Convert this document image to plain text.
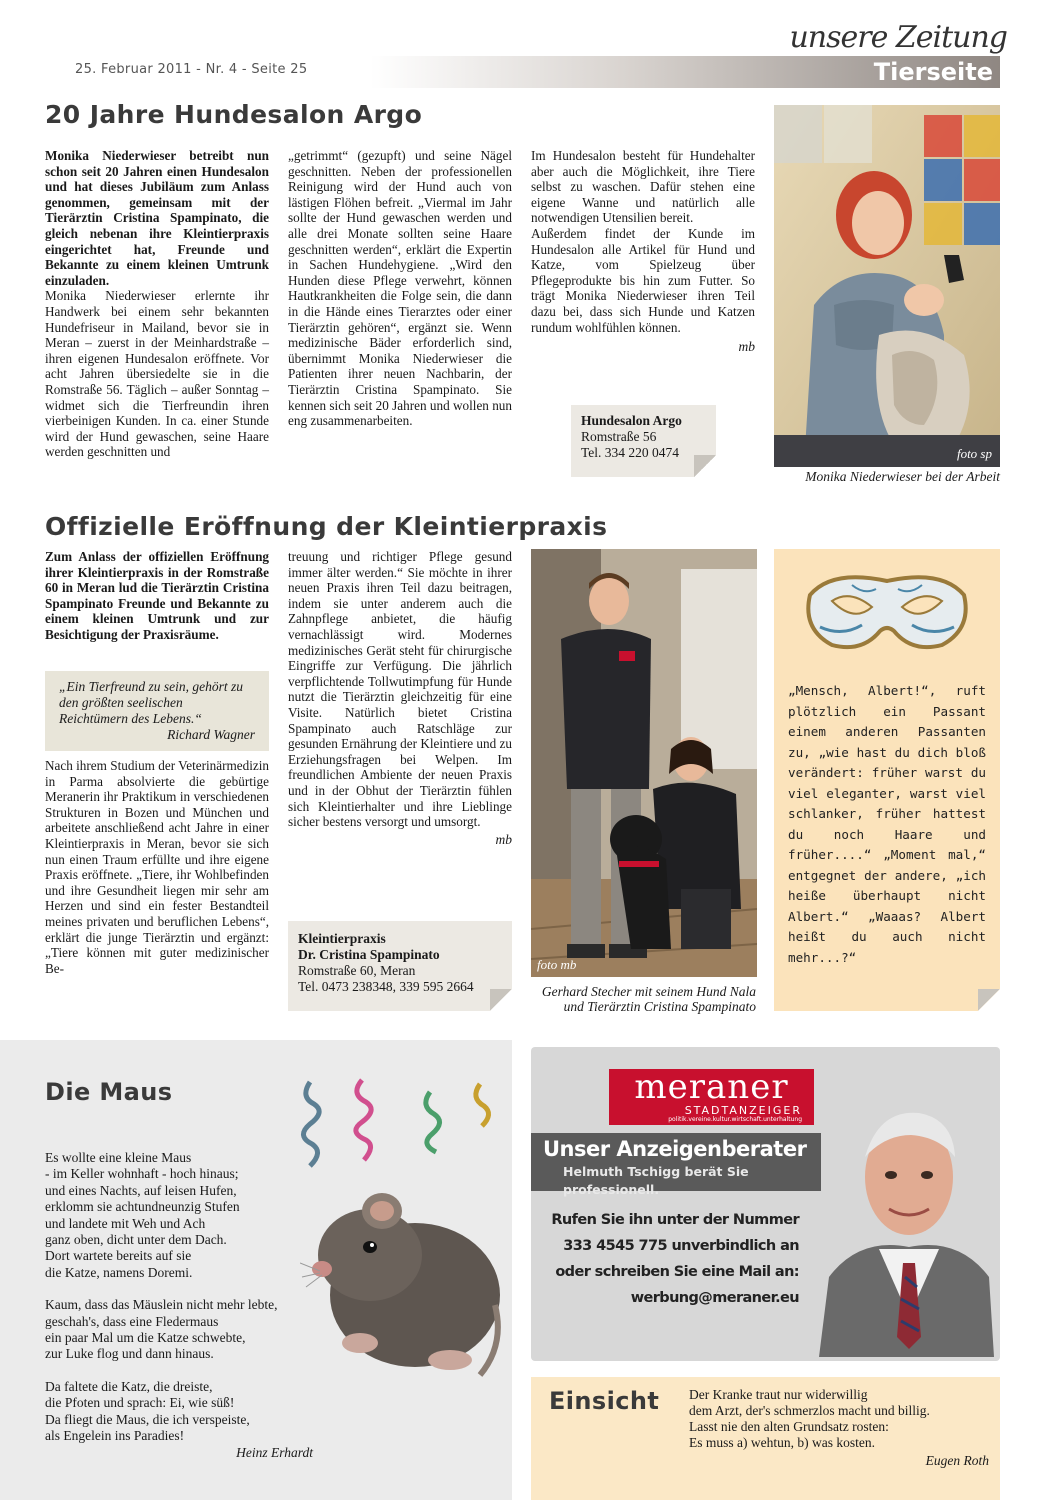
25. Februar 2011 - Nr. 4 - Seite 25
unsere Zeitung
Tierseite
20 Jahre Hundesalon Argo

Monika Niederwieser betreibt nun schon seit 20 Jahren einen Hundesalon und hat dieses Jubiläum zum Anlass genommen, gemeinsam mit der Tierärztin Cristina Spampinato, die gleich nebenan ihre Kleintierpraxis eingerichtet hat, Freunde und Bekannte zu einem kleinen Umtrunk einzuladen.

Monika Niederwieser erlernte ihr Handwerk bei einem sehr bekannten Hundefriseur in Mailand, bevor sie in Meran – zuerst in der Meinhardstraße – ihren eigenen Hundesalon eröffnete. Vor acht Jahren übersiedelte sie in die Romstraße 56. Täglich – außer Sonntag – widmet sich die Tierfreundin ihren vierbeinigen Kunden. In ca. einer Stunde wird der Hund gewaschen, seine Haare werden geschnitten und

„getrimmt“ (gezupft) und seine Nägel geschnitten. Neben der professionellen Reinigung wird der Hund auch von lästigen Flöhen befreit. „Viermal im Jahr sollte der Hund gewaschen werden und alle drei Monate sollten seine Haare geschnitten werden“, erklärt die Expertin in Sachen Hundehygiene. „Wird den Hunden diese Pflege verwehrt, können Hautkrankheiten die Folge sein, die dann in die Hände eines Tierarztes oder einer Tierärztin gehören“, ergänzt sie. Wenn medizinische Bäder erforderlich sind, übernimmt Monika Niederwieser die Patienten ihrer neuen Nachbarin, der Tierärztin Cristina Spampinato. Sie kennen sich seit 20 Jahren und wollen nun eng zusammenarbeiten.

Im Hundesalon besteht für Hundehalter aber auch die Möglichkeit, ihre Tiere selbst zu waschen. Dafür stehen eine eigene Wanne und natürlich alle notwendigen Utensilien bereit.

Außerdem findet der Kunde im Hundesalon alle Artikel für Hund und Katze, vom Spielzeug über Pflegeprodukte bis hin zum Futter. So trägt Monika Niederwieser ihren Teil dazu bei, dass sich Hunde und Katzen rundum wohlfühlen können.

mb

Hundesalon Argo
Romstraße 56
Tel. 334 220 0474	foto sp
Monika Niederwieser bei der Arbeit
Offizielle Eröffnung der Kleintierpraxis

Zum Anlass der offiziellen Eröffnung ihrer Kleintierpraxis in der Romstraße 60 in Meran lud die Tierärztin Cristina Spampinato Freunde und Bekannte zu einem kleinen Umtrunk und zur Besichtigung der Praxisräume.

„Ein Tierfreund zu sein, gehört zu den größten seelischen Reichtümern des Lebens.“
Richard Wagner

Nach ihrem Studium der Veterinärmedizin in Parma absolvierte die gebürtige Meranerin ihr Praktikum in verschiedenen Strukturen in Bozen und München und arbeitete anschließend acht Jahre in einer Kleintierpraxis in Meran, bevor sie sich nun einen Traum erfüllte und ihre eigene Praxis eröffnete. „Tiere, ihr Wohlbefinden und ihre Gesundheit liegen mir sehr am Herzen und sind ein fester Bestandteil meines privaten und beruflichen Lebens“, erklärt die junge Tierärztin und ergänzt: „Tiere können mit guter medizinischer Be-

treuung und richtiger Pflege gesund immer älter werden.“ Sie möchte in ihrer neuen Praxis ihren Teil dazu beitragen, indem sie unter anderem auch die Zahnpflege anbietet, die häufig vernachlässigt wird. Modernes medizinisches Gerät steht für chirurgische Eingriffe zur Verfügung. Die jährlich verpflichtende Tollwutimpfung für Hunde nutzt die Tierärztin gleichzeitig für eine Visite. Natürlich bietet Cristina Spampinato auch Ratschläge zur gesunden Ernährung der Kleintiere und zu Erziehungsfragen bei Welpen. Im freundlichen Ambiente der neuen Praxis und in der Obhut der Tierärztin fühlen sich Kleintierhalter und ihre Lieblinge sicher bestens versorgt und umsorgt.

mb

Kleintierpraxis
Dr. Cristina Spampinato
Romstraße 60, Meran
Tel. 0473 238348, 339 595 2664
foto mb
Gerhard Stecher mit seinem Hund Nala
und Tierärztin Cristina Spampinato
„Mensch, Albert!“, ruft plötzlich ein Passant einem anderen Passanten zu, „wie hast du dich bloß verändert: früher warst du viel eleganter, warst viel schlanker, früher hattest du noch Haare und früher....“ „Moment mal,“ entgegnet der andere, „ich heiße überhaupt nicht Albert.“ „Waaas? Albert heißt du auch nicht mehr...?“
Die Maus
Es wollte eine kleine Maus
- im Keller wohnhaft - hoch hinaus;
und eines Nachts, auf leisen Hufen,
erklomm sie achtundneunzig Stufen
und landete mit Weh und Ach
ganz oben, dicht unter dem Dach.
Dort wartete bereits auf sie
die Katze, namens Doremi.
Kaum, dass das Mäuslein nicht mehr lebte,
geschah's, dass eine Fledermaus
ein paar Mal um die Katze schwebte,
zur Luke flog und dann hinaus.
Da faltete die Katz, die dreiste,
die Pfoten und sprach: Ei, wie süß!
Da fliegt die Maus, die ich verspeiste,
als Engelein ins Paradies!
Heinz Erhardt
meraner
STADTANZEIGER
politik.vereine.kultur.wirtschaft.unterhaltung
Unser Anzeigenberater
Helmuth Tschigg berät Sie professionell.
Rufen Sie ihn unter der Nummer
333 4545 775 unverbindlich an
oder schreiben Sie eine Mail an:
werbung@meraner.eu
Einsicht Der Kranke traut nur widerwillig
dem Arzt, der's schmerzlos macht und billig.
Lasst nie den alten Grundsatz rosten:
Es muss a) wehtun, b) was kosten.
Eugen Roth
